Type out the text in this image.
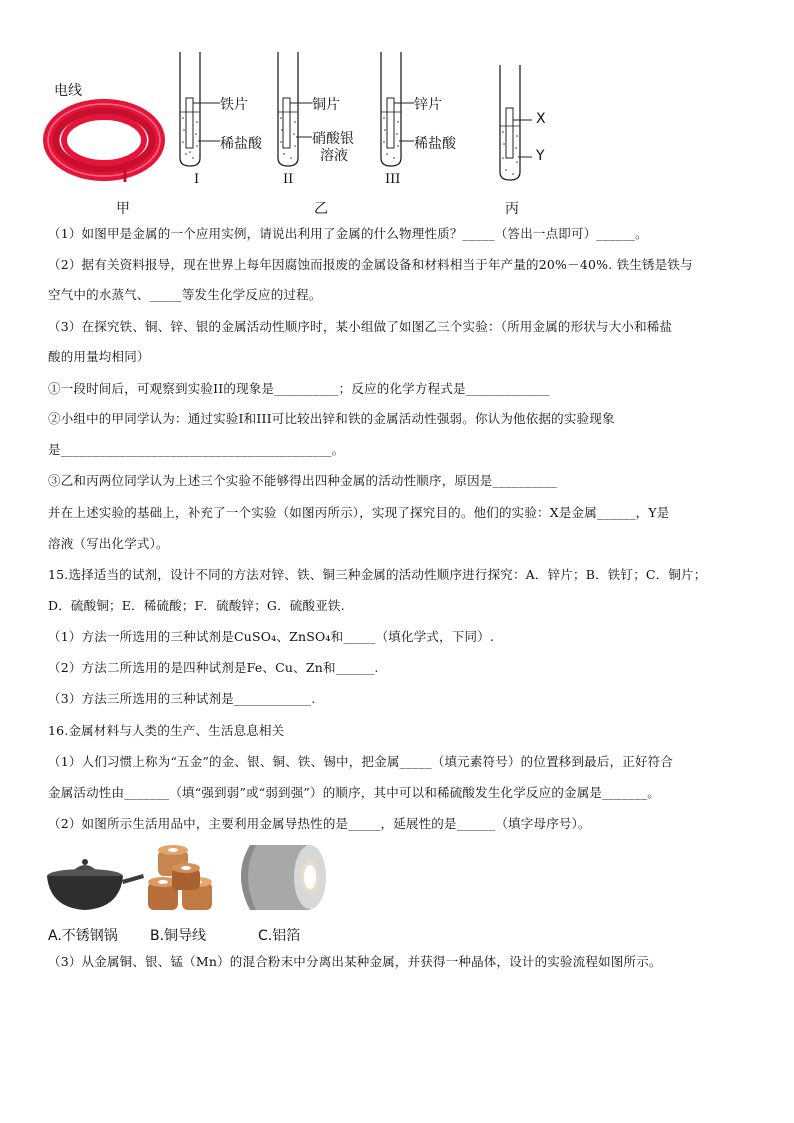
电线
铁片
稀盐酸
铜片
硝酸银
溶液
锌片
稀盐酸
X
Y
I	II	III
甲	乙	丙
（1）如图甲是金属的一个应用实例，请说出利用了金属的什么物理性质？_____（答出一点即可）______。
（2）据有关资料报导，现在世界上每年因腐蚀而报废的金属设备和材料相当于年产量的20%－40%. 铁生锈是铁与
空气中的水蒸气、_____等发生化学反应的过程。
（3）在探究铁、铜、锌、银的金属活动性顺序时，某小组做了如图乙三个实验：（所用金属的形状与大小和稀盐
酸的用量均相同）
①一段时间后，可观察到实验II的现象是__________；反应的化学方程式是_____________
②小组中的甲同学认为：通过实验I和III可比较出锌和铁的金属活动性强弱。你认为他依据的实验现象
是__________________________________________。
③乙和丙两位同学认为上述三个实验不能够得出四种金属的活动性顺序，原因是__________
并在上述实验的基础上，补充了一个实验（如图丙所示），实现了探究目的。他们的实验：X是金属______，Y是
溶液（写出化学式）。
15.选择适当的试剂，设计不同的方法对锌、铁、铜三种金属的活动性顺序进行探究：A．锌片；B．铁钉；C．铜片；
D．硫酸铜；E．稀硫酸；F．硫酸锌；G．硫酸亚铁.
（1）方法一所选用的三种试剂是CuSO₄、ZnSO₄和_____（填化学式，下同）.
（2）方法二所选用的是四种试剂是Fe、Cu、Zn和______.
（3）方法三所选用的三种试剂是____________.
16.金属材料与人类的生产、生活息息相关
（1）人们习惯上称为“五金”的金、银、铜、铁、锡中，把金属_____（填元素符号）的位置移到最后，正好符合
金属活动性由_______（填“强到弱”或“弱到强”）的顺序，其中可以和稀硫酸发生化学反应的金属是_______。
（2）如图所示生活用品中，主要利用金属导热性的是_____，延展性的是______（填字母序号）。
A.不锈钢锅 B.铜导线	C.铝箔
（3）从金属铜、银、锰（Mn）的混合粉末中分离出某种金属，并获得一种晶体，设计的实验流程如图所示。
